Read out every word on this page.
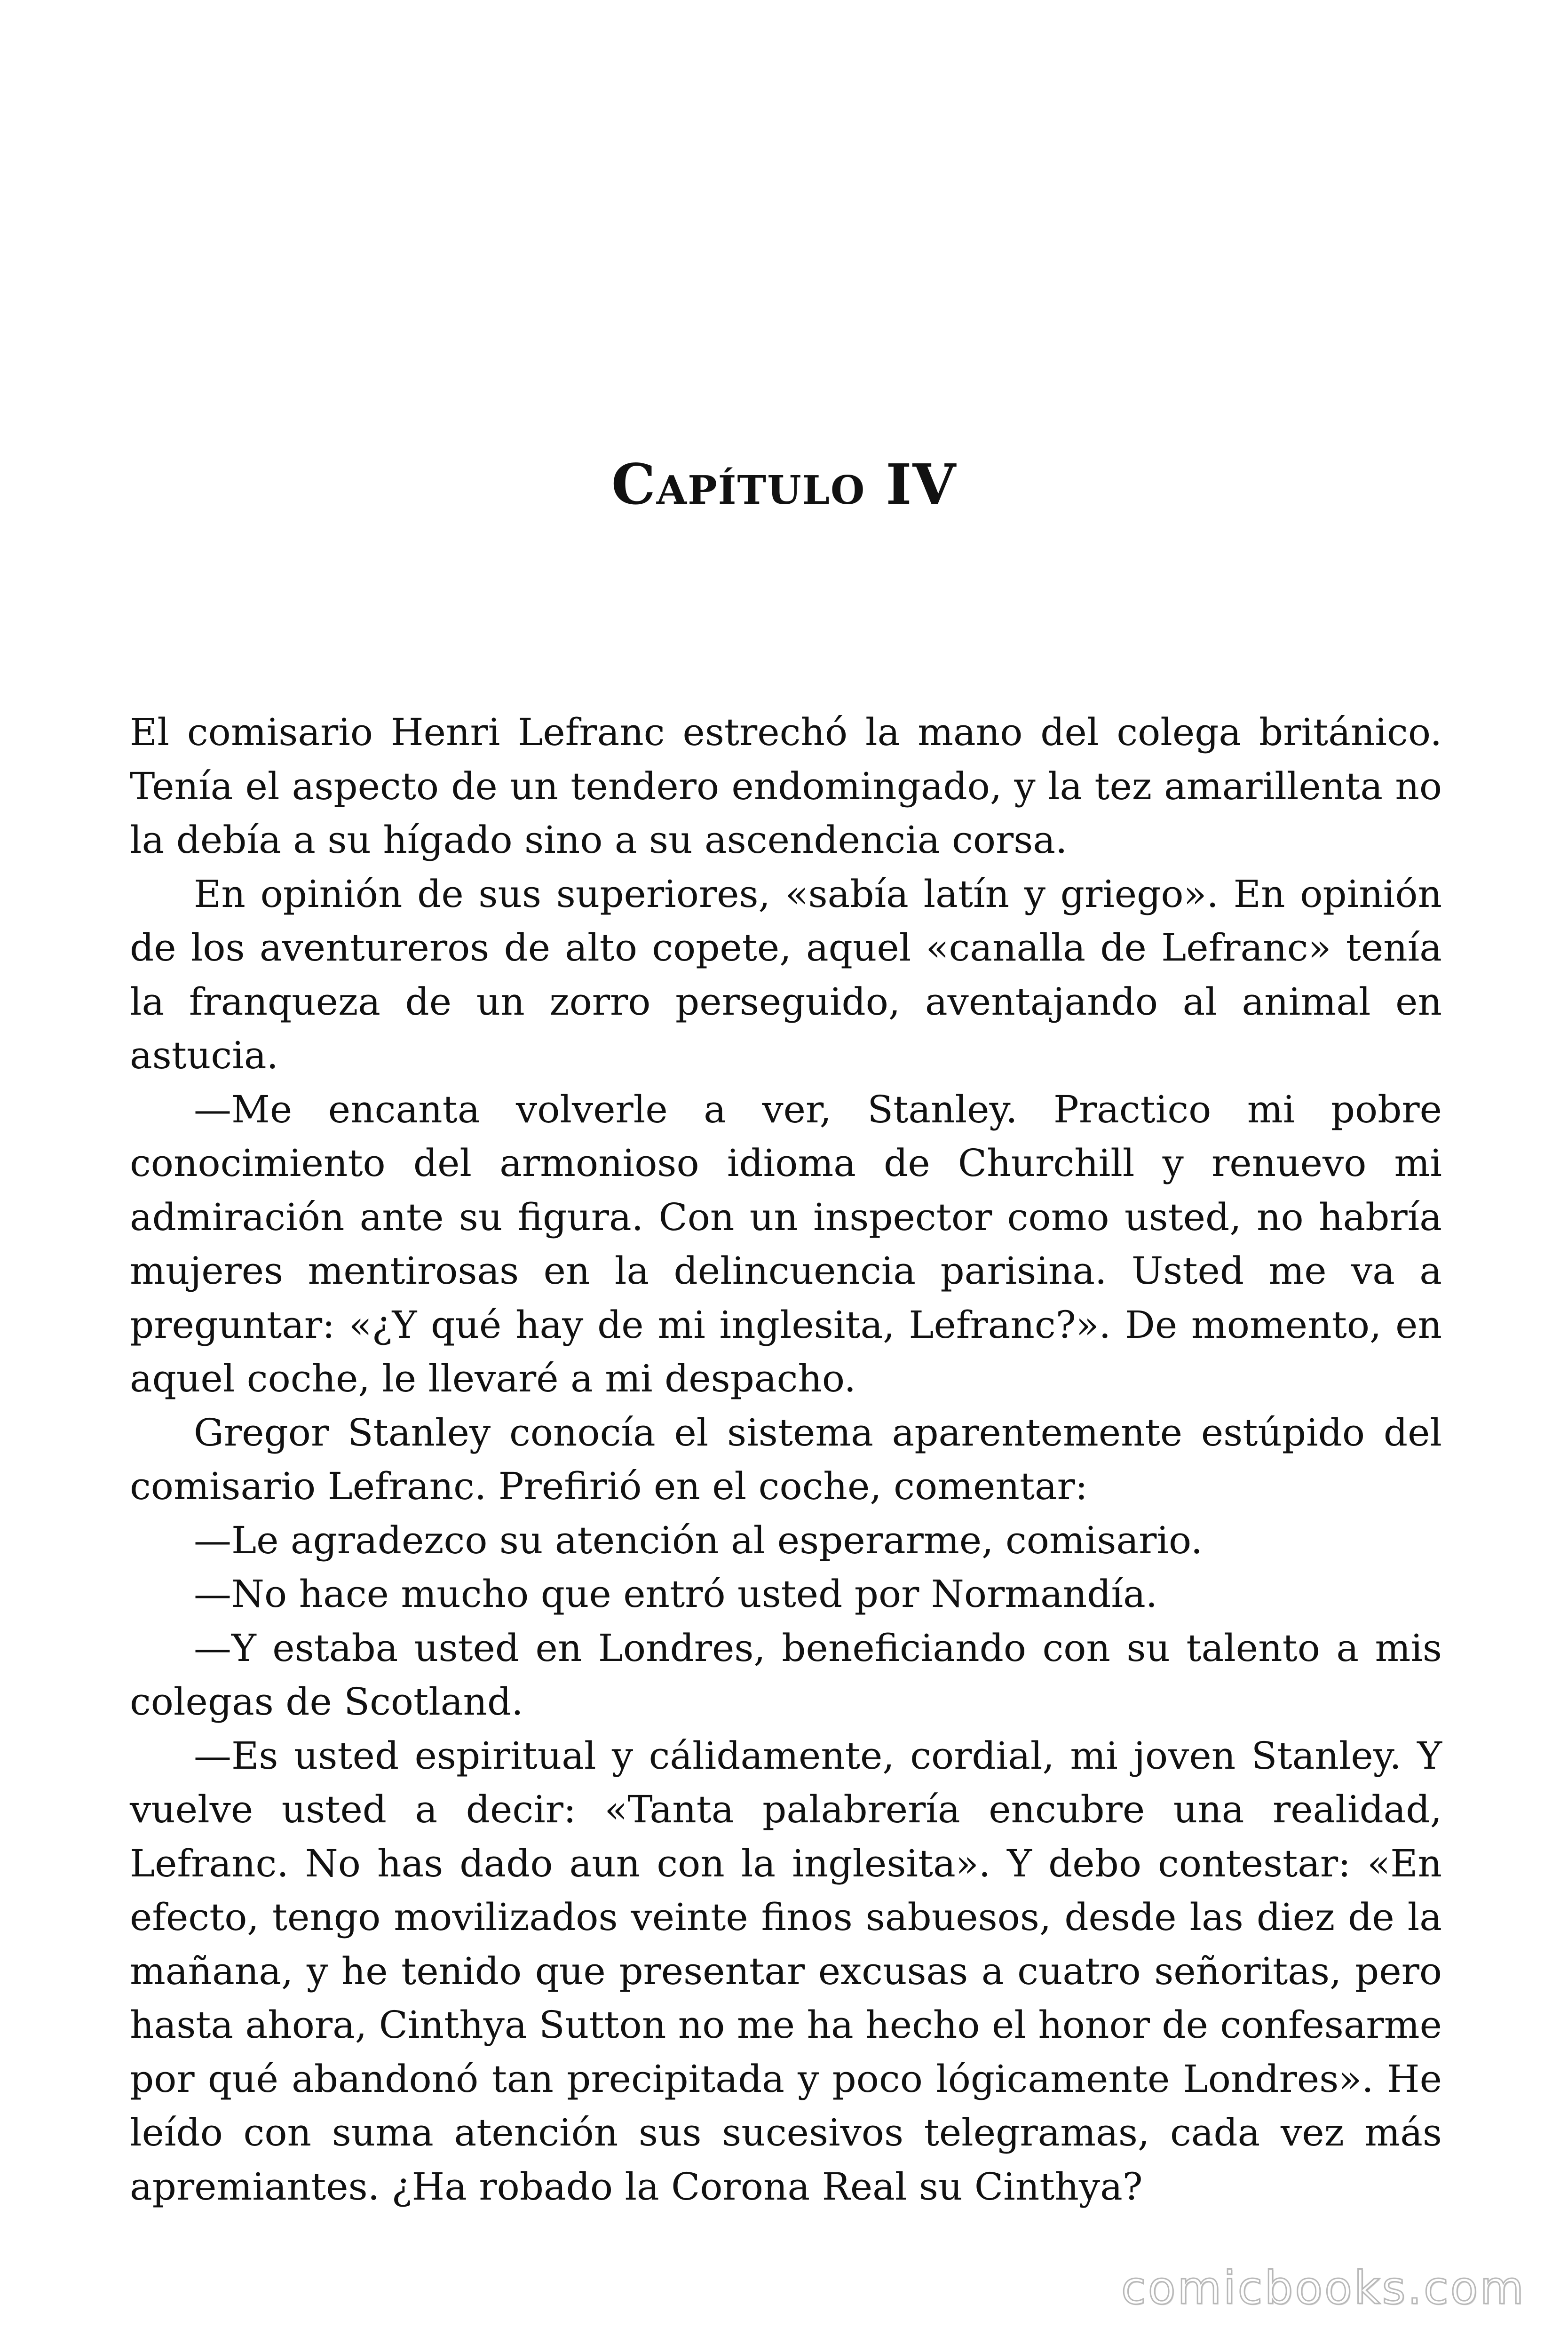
Capítulo IV

El comisario Henri Lefranc estrechó la mano del colega británico. Tenía el aspecto de un tendero endomingado, y la tez amarillenta no la debía a su hígado sino a su ascendencia corsa.

En opinión de sus superiores, «sabía latín y griego». En opinión de los aventureros de alto copete, aquel «canalla de Lefranc» tenía la franqueza de un zorro perseguido, aventajando al animal en astucia.

—Me encanta volverle a ver, Stanley. Practico mi pobre conocimiento del armonioso idioma de Churchill y renuevo mi admiración ante su figura. Con un inspector como usted, no habría mujeres mentirosas en la delincuencia parisina. Usted me va a preguntar: «¿Y qué hay de mi inglesita, Lefranc?». De momento, en aquel coche, le llevaré a mi despacho.

Gregor Stanley conocía el sistema aparentemente estúpido del comisario Lefranc. Prefirió en el coche, comentar:

—Le agradezco su atención al esperarme, comisario.

—No hace mucho que entró usted por Normandía.

—Y estaba usted en Londres, beneficiando con su talento a mis colegas de Scotland.

—Es usted espiritual y cálidamente, cordial, mi joven Stanley. Y vuelve usted a decir: «Tanta palabrería encubre una realidad, Lefranc. No has dado aun con la inglesita». Y debo contestar: «En efecto, tengo movilizados veinte finos sabuesos, desde las diez de la mañana, y he tenido que presentar excusas a cuatro señoritas, pero hasta ahora, Cinthya Sutton no me ha hecho el honor de confesarme por qué abandonó tan precipitada y poco lógicamente Londres». He leído con suma atención sus sucesivos telegramas, cada vez más apremiantes. ¿Ha robado la Corona Real su Cinthya?

comicbooks.com
